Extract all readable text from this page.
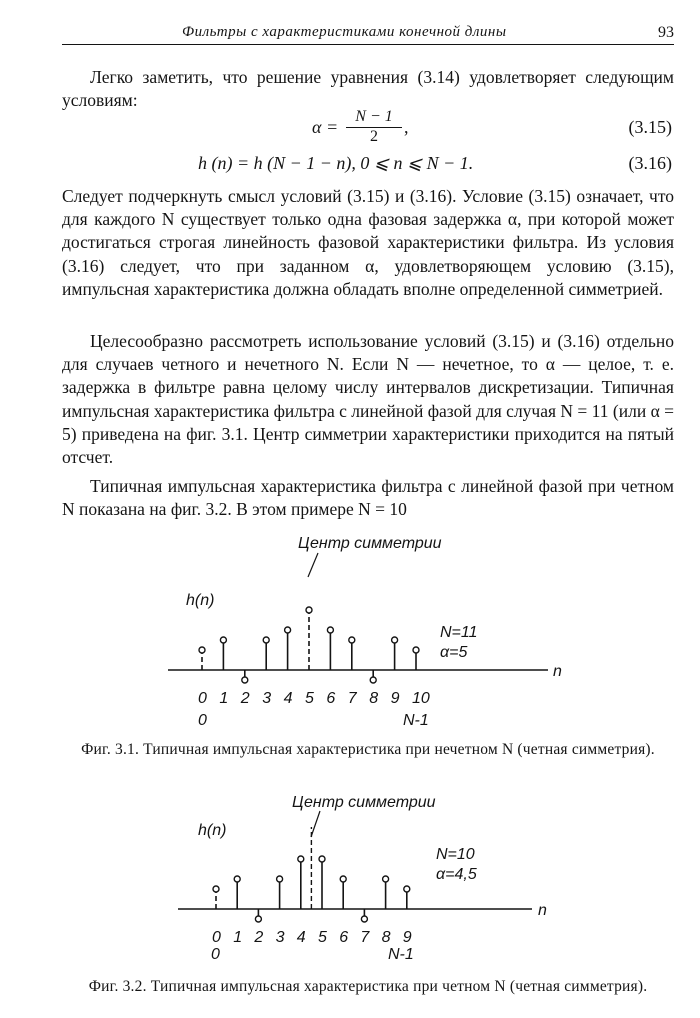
Фильтры с характеристиками конечной длины	93
Легко заметить, что решение уравнения (3.14) удовлетворяет следующим условиям:
$\alpha = \frac{N - 1}{2}$ ,	(3.15)
h (n) = h (N − 1 − n), 0 ⩽ n ⩽ N − 1.	(3.16)
Следует подчеркнуть смысл условий (3.15) и (3.16). Условие (3.15) означает, что для каждого N существует только одна фазовая задержка α, при которой может достигаться строгая линейность фазовой характеристики фильтра. Из условия (3.16) следует, что при заданном α, удовлетворяющем условию (3.15), импульсная характеристика должна обладать вполне определенной симметрией.
Целесообразно рассмотреть использование условий (3.15) и (3.16) отдельно для случаев четного и нечетного N. Если N — нечетное, то α — целое, т. е. задержка в фильтре равна целому числу интервалов дискретизации. Типичная импульсная характеристика фильтра с линейной фазой для случая N = 11 (или α = 5) приведена на фиг. 3.1. Центр симметрии характеристики приходится на пятый отсчет.
Типичная импульсная характеристика фильтра с линейной фазой при четном N показана на фиг. 3.2. В этом примере N = 10
n
h(n)
Центр симметрии
N=11
α=5
0 1 2 3 4 5 6 7 8 9 10
0	N-1
Фиг. 3.1. Типичная импульсная характеристика при нечетном N (четная симметрия).
n
h(n)
Центр симметрии
N=10
α=4,5
0 1 2 3 4 5 6 7 8 9
0	N-1
Фиг. 3.2. Типичная импульсная характеристика при четном N (четная симметрия).
